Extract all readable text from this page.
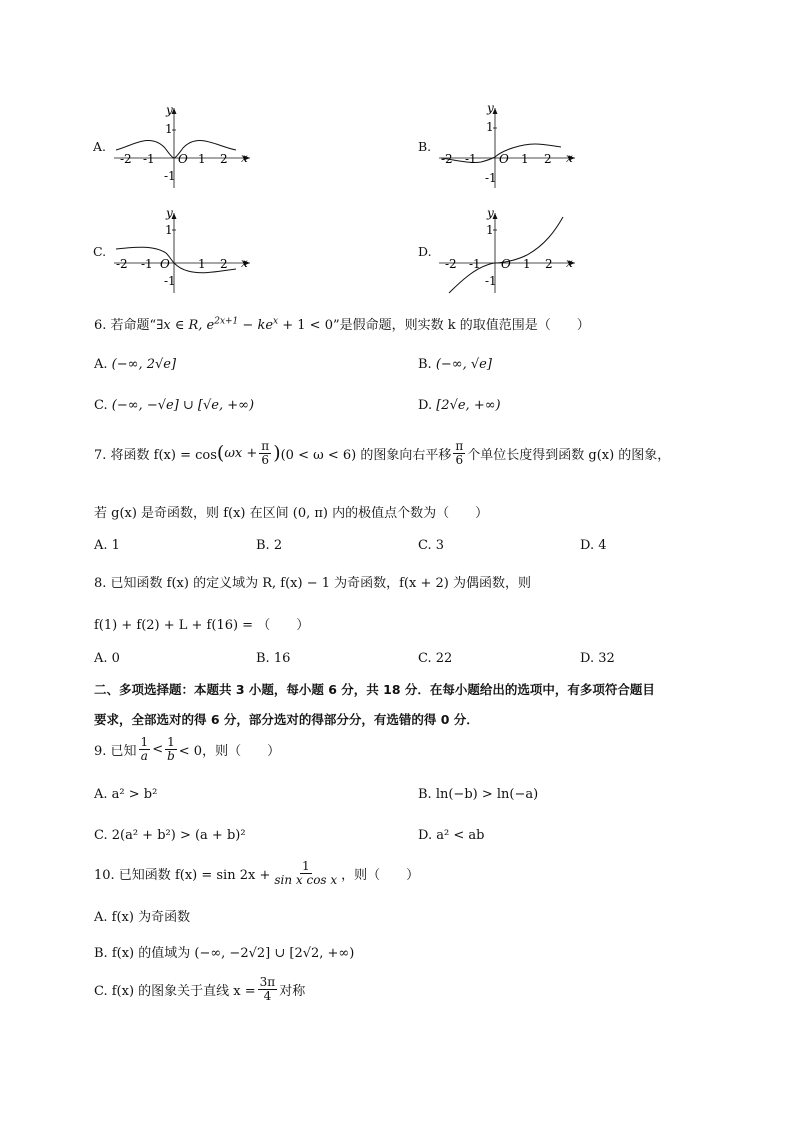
A.
x
y
1
-1
-2 -1 O 1 2
B.
x
y
1
-1
-2 -1 O 1 2
C.
x
y
1
-1
-2 -1 O 1 2
D.
x
y
1
-1
-2 -1 O 1 2
6. 若命题“∃x ∈ R, $e^{2x+1} - ke^x + 1 < 0$”是假命题，则实数 k 的取值范围是（　　）
A. (−∞, 2√e]	B. (−∞, √e]
C. (−∞, −√e] ∪ [√e, +∞)	D. [2√e, +∞)
7. 将函数 f(x) = cos ( $\omega x + \frac{\pi}{6}$ ) (0 < ω < 6) 的图象向右平移 $\frac{\pi}{6}$ 个单位长度得到函数 g(x) 的图象，
若 g(x) 是奇函数，则 f(x) 在区间 (0, π) 内的极值点个数为（　　）
A. 1	B. 2	C. 3	D. 4
8. 已知函数 f(x) 的定义域为 R, f(x) − 1 为奇函数，f(x + 2) 为偶函数，则
f(1) + f(2) + L + f(16) = （　　）
A. 0	B. 16	C. 22	D. 32
二、多项选择题：本题共 3 小题，每小题 6 分，共 18 分．在每小题给出的选项中，有多项符合题目
要求，全部选对的得 6 分，部分选对的得部分分，有选错的得 0 分．
9. 已知 $\frac{1}{a} < \frac{1}{b} < 0$，则（　　）
A. a² > b²	B. ln(−b) > ln(−a)
C. 2(a² + b²) > (a + b)²	D. a² < ab
10. 已知函数 $f(x) = \sin 2x + \frac{1}{\text{sin x cos x}}$ ，则（　　）
A. f(x) 为奇函数
B. f(x) 的值域为 (−∞, −2√2] ∪ [2√2, +∞)
C. f(x) 的图象关于直线 $x = \frac{3\pi}{4}$ 对称
